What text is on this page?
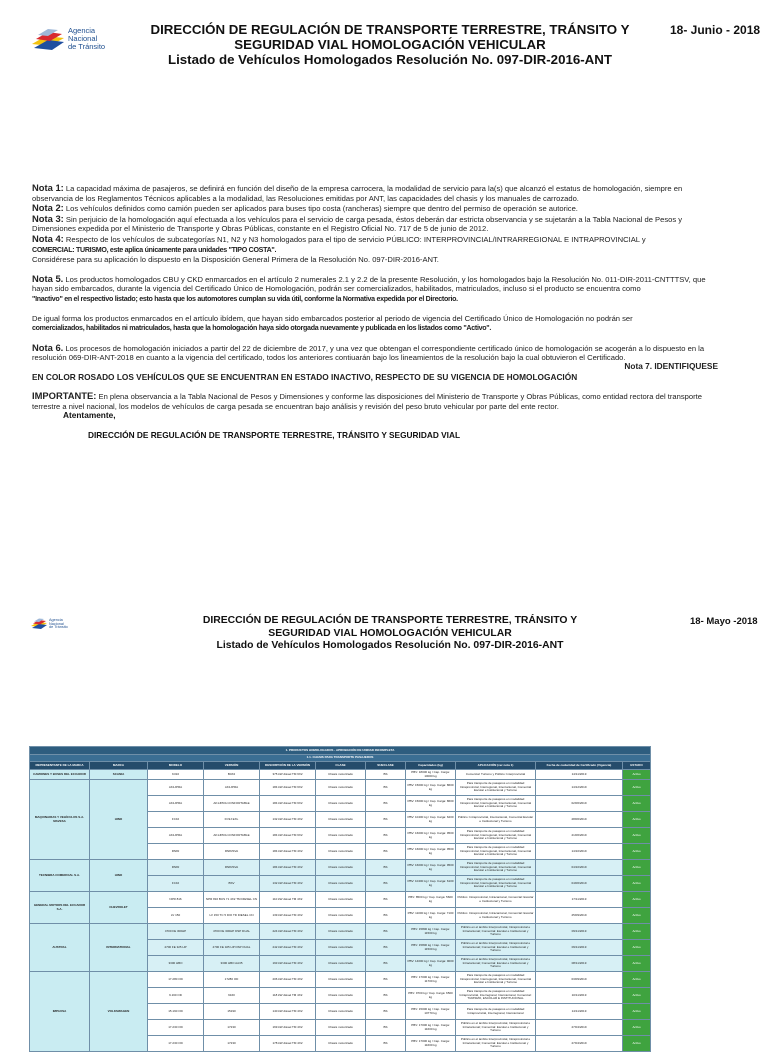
Agencia
Nacional
de Tránsito
DIRECCIÓN DE REGULACIÓN DE TRANSPORTE TERRESTRE, TRÁNSITO Y
SEGURIDAD VIAL HOMOLOGACIÓN VEHICULAR
Listado de Vehículos Homologados Resolución No. 097-DIR-2016-ANT
18- Junio - 2018

Nota 1: La capacidad máxima de pasajeros, se definirá en función del diseño de la empresa carrocera, la modalidad de servicio para la(s) que alcanzó el estatus de homologación, siempre en observancia de los Reglamentos Técnicos aplicables a la modalidad, las Resoluciones emitidas por ANT, las capacidades del chasis y los manuales de carrozado.

Nota 2: Los vehículos definidos como camión pueden ser aplicados para buses tipo costa (rancheras) siempre que dentro del permiso de operación se autorice.

Nota 3: Sin perjuicio de la homologación aquí efectuada a los vehículos para el servicio de carga pesada, éstos deberán dar estricta observancia y se sujetarán a la Tabla Nacional de Pesos y Dimensiones expedida por el Ministerio de Transporte y Obras Públicas, constante en el Registro Oficial No. 717 de 5 de junio de 2012.

Nota 4: Respecto de los vehículos de subcategorías N1, N2 y N3 homologados para el tipo de servicio PÚBLICO: INTERPROVINCIAL/INTRARREGIONAL E INTRAPROVINCIAL y
COMERCIAL: TURISMO, este aplica únicamente para unidades "TIPO COSTA".
Considérese para su aplicación lo dispuesto en la Disposición General Primera de la Resolución No. 097-DIR-2016-ANT.

Nota 5. Los productos homologados CBU y CKD enmarcados en el artículo 2 numerales 2.1 y 2.2 de la presente Resolución, y los homologados bajo la Resolución No. 011-DIR-2011-CNTTTSV, que hayan sido embarcados, durante la vigencia del Certificado Único de Homologación, podrán ser comercializados, habilitados, matriculados, incluso si el producto se encuentra como
"Inactivo" en el respectivo listado; esto hasta que los automotores cumplan su vida útil, conforme la Normativa expedida por el Directorio.

De igual forma los productos enmarcados en el artículo ibídem, que hayan sido embarcados posterior al periodo de vigencia del Certificado Único de Homologación no podrán ser
comercializados, habilitados ni matriculados, hasta que la homologación haya sido otorgada nuevamente y publicada en los listados como "Activo".

Nota 6. Los procesos de homologación iniciados a partir del 22 de diciembre de 2017, y una vez que obtengan el correspondiente certificado único de homologación se acogerán a lo dispuesto en la resolución 069-DIR-ANT-2018 en cuanto a la vigencia del certificado, todos los anteriores contiuarán bajo los lineamientos de la resolución bajo la cual obtuvieron el Certificado.

Nota 7. IDENTIFIQUESE

EN COLOR ROSADO LOS VEHÍCULOS QUE SE ENCUENTRAN EN ESTADO INACTIVO, RESPECTO DE SU VIGENCIA DE HOMOLOGACIÓN

IMPORTANTE: En plena observancia a la Tabla Nacional de Pesos y Dimensiones y conforme las disposiciones del Ministerio de Transporte y Obras Públicas, como entidad rectora del transporte terrestre a nivel nacional, los modelos de vehículos de carga pesada se encuentran bajo análisis y revisión del peso bruto vehicular por parte del ente rector.

Atentamente,
DIRECCIÓN DE REGULACIÓN DE TRANSPORTE TERRESTRE, TRÁNSITO Y SEGURIDAD VIAL
Agencia
Nacional
de Tránsito
DIRECCIÓN DE REGULACIÓN DE TRANSPORTE TERRESTRE, TRÁNSITO Y
SEGURIDAD VIAL HOMOLOGACIÓN VEHICULAR
Listado de Vehículos Homologados Resolución No. 097-DIR-2016-ANT
18- Mayo -2018
1. PRODUCTOS HOMOLOGADOS - APROBACIÓN DE UNIDAD INCOMPLETA										
1.1. CHASIS PARA TRANSPORTE PASAJEROS										
REPRESENTANTE DE LA MARCA	MARCA	MODELO	VERSIÓN	DESCRIPCIÓN DE LA VERSIÓN	CLASE	SUBCLASE	Capacidades (kg)	APLICACIÓN (ver nota 1)	Fecha de caducidad de Certificado (Vigencia)	ESTADO
CAMIONES Y BUSES DEL ECUADOR	SCANIA	K310	B4X2	375 kW diésel TM 6X2	Chasis motorizado	BS	PBV: 18000 kg / Cap. Carga: 10000 kg	Comercial: Turismo y Público: Interprovincial	14/11/2019	Activo
MAQUINARIAS Y VEHÍCULOS S.A. MAVESA	HINO	AK1JPRA	AK1JPRA	184 kW diésel TM 6X2	Chasis motorizado	BS	PBV: 15000 kg / Cap. Carga: 8600 kg	Para transporte de pasajeros en modalidad Intraprovincial, Interregional, Intercantonal, Comercial Escolar e Institucional y Turismo	14/12/2019	Activo
		AK1JPRA	AK1JPRA CONFORTABLE	184 kW diésel TM 6X2	Chasis motorizado	BS	PBV: 15000 kg / Cap. Carga: 8600 kg	Para transporte de pasajeros en modalidad Intraprovincial, Interregional, Intercantonal, Comercial Escolar e Institucional y Turismo	02/06/2019	Activo
		FC9J	FC9J EXL	132 kW diésel TM 4X2	Chasis motorizado	BS	PBV: 10400 kg / Cap. Carga: 6200 kg	Público: Intraprovincial, Intercantonal, Comercial Escolar e Institucional y Turismo	28/06/2019	Activo
		AK1JPRA	AK1JPRA CONFORTABLE	184 kW diésel TM 6X2	Chasis motorizado	BS	PBV: 16000 kg / Cap. Carga: 9500 kg	Para transporte de pasajeros en modalidad Intraprovincial, Interregional, Intercantonal, Comercial Escolar e Institucional y Turismo	21/06/2019	Activo
		RN8J	RN8JSVA	184 kW diésel TM 4X2	Chasis motorizado	BS	PBV: 16000 kg / Cap. Carga: 9500 kg	Para transporte de pasajeros en modalidad Intraprovincial, Interregional, Intercantonal, Comercial Escolar e Institucional y Turismo	14/10/2019	Activo
TECNIBRA COMERCIAL S.A.	HINO	RN8J	RN8JSVA	184 kW diésel TM 4X2	Chasis motorizado	BS	PBV: 16000 kg / Cap. Carga: 9500 kg	Para transporte de pasajeros en modalidad Intraprovincial, Interregional, Intercantonal, Comercial Escolar e Institucional y Turismo	04/10/2019	Activo
		FC9J	BSV	132 kW diésel TM 4X2	Chasis motorizado	BS	PBV: 10400 kg / Cap. Carga: 6100 kg	Para transporte de pasajeros en modalidad Intraprovincial, Interregional, Intercantonal, Comercial Escolar e Institucional y Turismo	04/06/2019	Activo
GENERAL MOTORS DEL ECUADOR S.A.	CHEVROLET	NPR 816	NPR 816 BUS 71 4X2 TM DIESEL CN	110 kW diésel TM 4X2	Chasis motorizado	BS	PBV: 8500 kg / Cap. Carga: 5600 kg	Público: Intraprovincial, Intracantonal, Comercial: Escolar e Institucional y Turismo	17/11/2019	Activo
		LV 150	LV 150 TC 5 DIO TD DIESEL CN	139 kW diésel TM 4X2	Chasis motorizado	BS	PBV: 11000 kg / Cap. Carga: 7100 kg	Público: Intraprovincial, Intracantonal, Comercial: Escolar e Institucional y Turismo	25/09/2019	Activo
AUSTRAL	INTERNATIONAL	4700 FE 300HP	4700 FE 300HP DSP DUAL	224 kW diésel TM 4X2	Chasis motorizado	BS	PBV: 15800 kg / Cap. Carga: 11500 kg	Público en el ámbito Interprovincial, Intraprovincial e Intracantonal; Comercial: Escolar e Institucional y Turismo	09/11/2019	Activo
		4700 FE 325 HP	4700 FE 325 HP DSP DUAL	242 kW diésel TM 4X2	Chasis motorizado	BS	PBV: 15800 kg / Cap. Carga: 11500 kg	Público en el ámbito Interprovincial, Intraprovincial e Intracantonal; Comercial: Escolar e Institucional y Turismo	09/11/2019	Activo
		3300 HBO	3300 HBO AA35	193 kW diésel TM 4X2	Chasis motorizado	BS	PBV: 14000 kg / Cap. Carga: 9000 kg	Público en el ámbito Interprovincial, Intraprovincial e Intracantonal; Comercial: Escolar e Institucional y Turismo	08/11/2019	Activo
IMPAUSA	VOLKSWAGEN	17.280 OD	17280 OD	206 kW diésel TM 4X2	Chasis motorizado	BS	PBV: 17000 kg / Cap. Carga: 11700 kg	Para transporte de pasajeros en modalidad Intraprovincial, Interregional, Intercantonal, Comercial Escolar e Institucional y Turismo	03/09/2019	Activo
		9.160 OD	9160	118 kW diésel TM 4X2	Chasis motorizado	BS	PBV: 9700 kg / Cap. Carga: 6500 kg	Para transporte de pasajeros en modalidad Intraprovincial, Interregional, Intercantonal, Comercial: TURISMO, ESCOLAR E INSTITUCIONAL	10/11/2019	Activo
		15.190 OD	15190	140 kW diésel TM 4X2	Chasis motorizado	BS	PBV: 15000 kg / Cap. Carga: 10770 kg	Para transporte de pasajeros en modalidad Intraprovincial, Interregional, Intercantonal	14/11/2019	Activo
		17.230 OD	17230	169 kW diésel TM 4X2	Chasis motorizado	BS	PBV: 17000 kg / Cap. Carga: 11600 kg	Público en el ámbito Interprovincial, Intraprovincial e Intracantonal; Comercial: Escolar e Institucional y Turismo	27/04/2019	Activo
		17.230 OD	17230	178 kW diésel TM 4X2	Chasis motorizado	BS	PBV: 17000 kg / Cap. Carga: 11600 kg	Público en el ámbito Interprovincial, Intraprovincial e Intracantonal; Comercial: Escolar e Institucional y Turismo	27/04/2019	Activo
